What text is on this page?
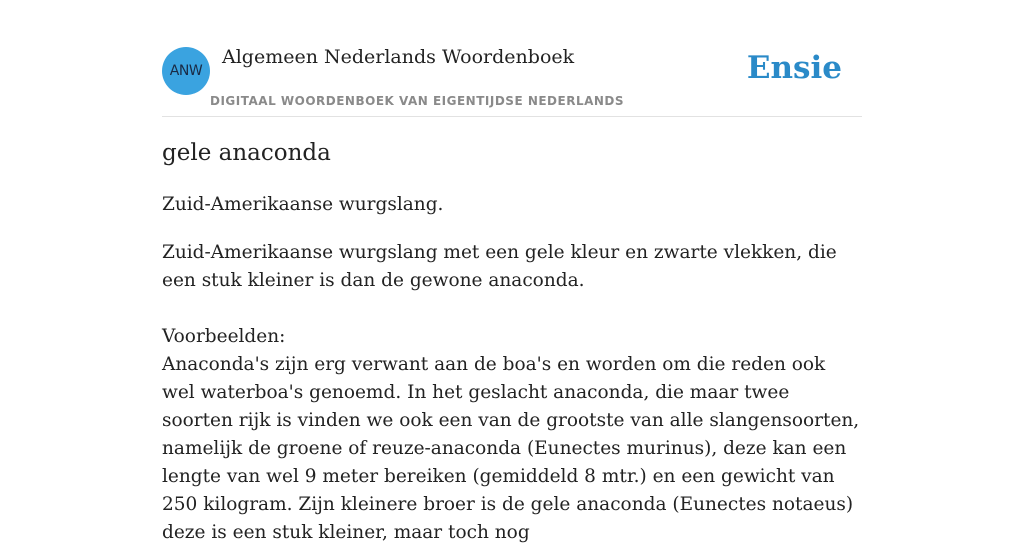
ANW
Algemeen Nederlands Woordenboek
DIGITAAL WOORDENBOEK VAN EIGENTIJDSE NEDERLANDS
Ensie
gele anaconda
Zuid-Amerikaanse wurgslang.
Zuid-Amerikaanse wurgslang met een gele kleur en zwarte vlekken, die een stuk kleiner is dan de gewone anaconda.
Voorbeelden:
Anaconda's zijn erg verwant aan de boa's en worden om die reden ook wel waterboa's genoemd. In het geslacht anaconda, die maar twee soorten rijk is vinden we ook een van de grootste van alle slangensoorten, namelijk de groene of reuze-anaconda (Eunectes murinus), deze kan een lengte van wel 9 meter bereiken (gemiddeld 8 mtr.) en een gewicht van 250 kilogram. Zijn kleinere broer is de gele anaconda (Eunectes notaeus) deze is een stuk kleiner, maar toch nog
